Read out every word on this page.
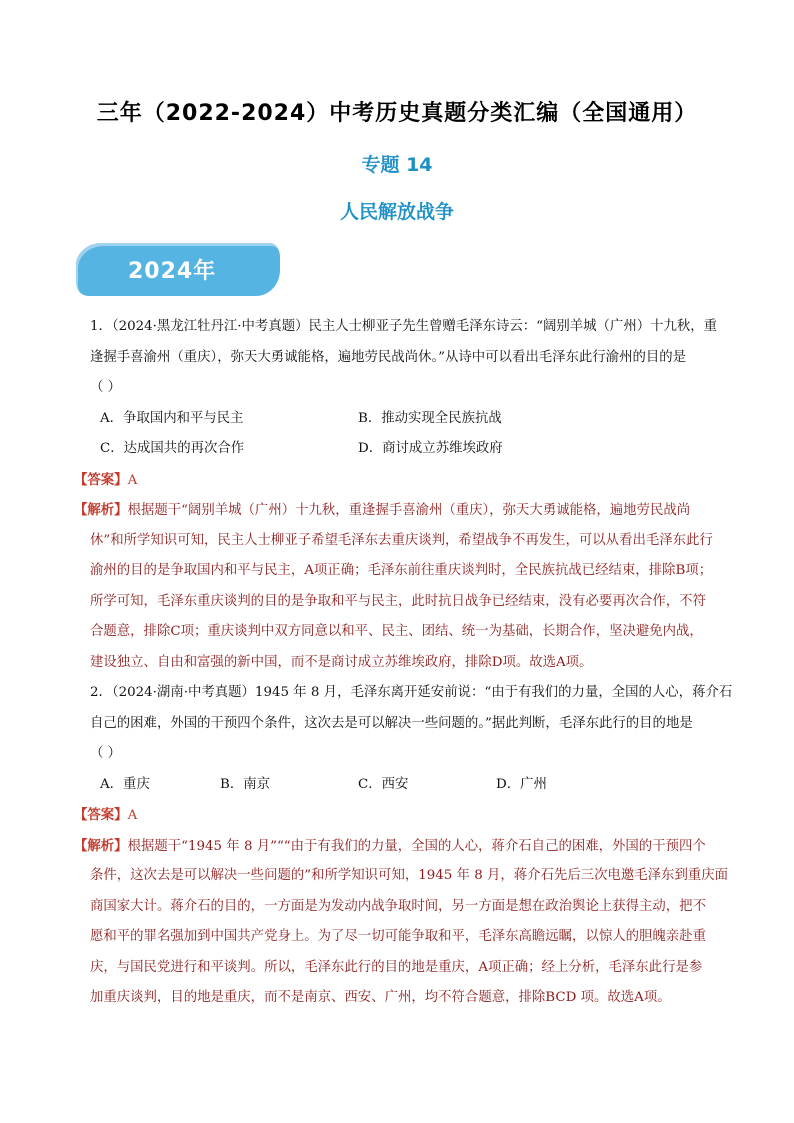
三年（2022-2024）中考历史真题分类汇编（全国通用）
专题 14
人民解放战争
2024年
1．（2024·黑龙江牡丹江·中考真题）民主人士柳亚子先生曾赠毛泽东诗云：“阔别羊城（广州）十九秋，重
逢握手喜渝州（重庆），弥天大勇诚能格，遍地劳民战尚休。”从诗中可以看出毛泽东此行渝州的目的是
（ ）
A．争取国内和平与民主	B．推动实现全民族抗战
C．达成国共的再次合作	D．商讨成立苏维埃政府
【答案】A
【解析】根据题干“阔别羊城（广州）十九秋，重逢握手喜渝州（重庆），弥天大勇诚能格，遍地劳民战尚
休”和所学知识可知，民主人士柳亚子希望毛泽东去重庆谈判，希望战争不再发生，可以从看出毛泽东此行
渝州的目的是争取国内和平与民主，A项正确；毛泽东前往重庆谈判时，全民族抗战已经结束，排除B项；
所学可知，毛泽东重庆谈判的目的是争取和平与民主，此时抗日战争已经结束，没有必要再次合作，不符
合题意，排除C项；重庆谈判中双方同意以和平、民主、团结、统一为基础，长期合作，坚决避免内战，
建设独立、自由和富强的新中国，而不是商讨成立苏维埃政府，排除D项。故选A项。
2．（2024·湖南·中考真题）1945 年 8 月，毛泽东离开延安前说：“由于有我们的力量，全国的人心，蒋介石
自己的困难，外国的干预四个条件，这次去是可以解决一些问题的。”据此判断，毛泽东此行的目的地是
（ ）
A．重庆	B．南京	C．西安	D．广州
【答案】A
【解析】根据题干“1945 年 8 月”““由于有我们的力量，全国的人心，蒋介石自己的困难，外国的干预四个
条件，这次去是可以解决一些问题的”和所学知识可知，1945 年 8 月，蒋介石先后三次电邀毛泽东到重庆面
商国家大计。蒋介石的目的，一方面是为发动内战争取时间，另一方面是想在政治舆论上获得主动，把不
愿和平的罪名强加到中国共产党身上。为了尽一切可能争取和平，毛泽东高瞻远瞩，以惊人的胆魄亲赴重
庆，与国民党进行和平谈判。所以，毛泽东此行的目的地是重庆，A项正确；经上分析，毛泽东此行是参
加重庆谈判，目的地是重庆，而不是南京、西安、广州，均不符合题意，排除BCD 项。故选A项。
